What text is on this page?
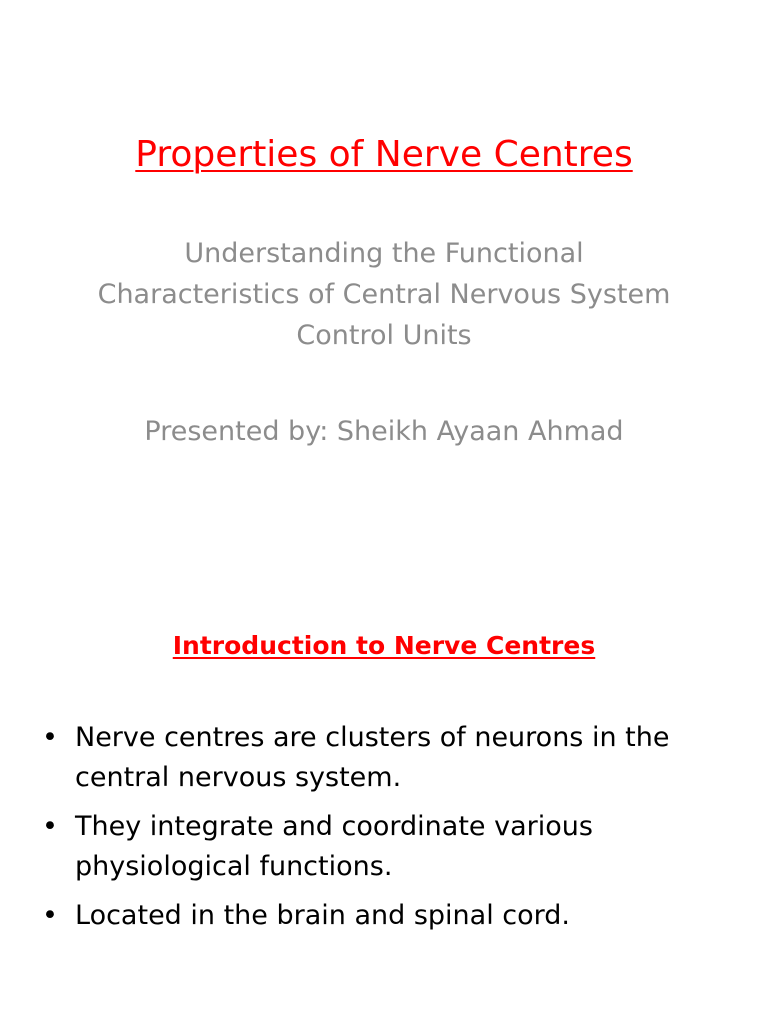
Properties of Nerve Centres

Understanding the Functional Characteristics of Central Nervous System Control Units

Presented by: Sheikh Ayaan Ahmad

Introduction to Nerve Centres
• Nerve centres are clusters of neurons in the central nervous system.
• They integrate and coordinate various physiological functions.
• Located in the brain and spinal cord.
